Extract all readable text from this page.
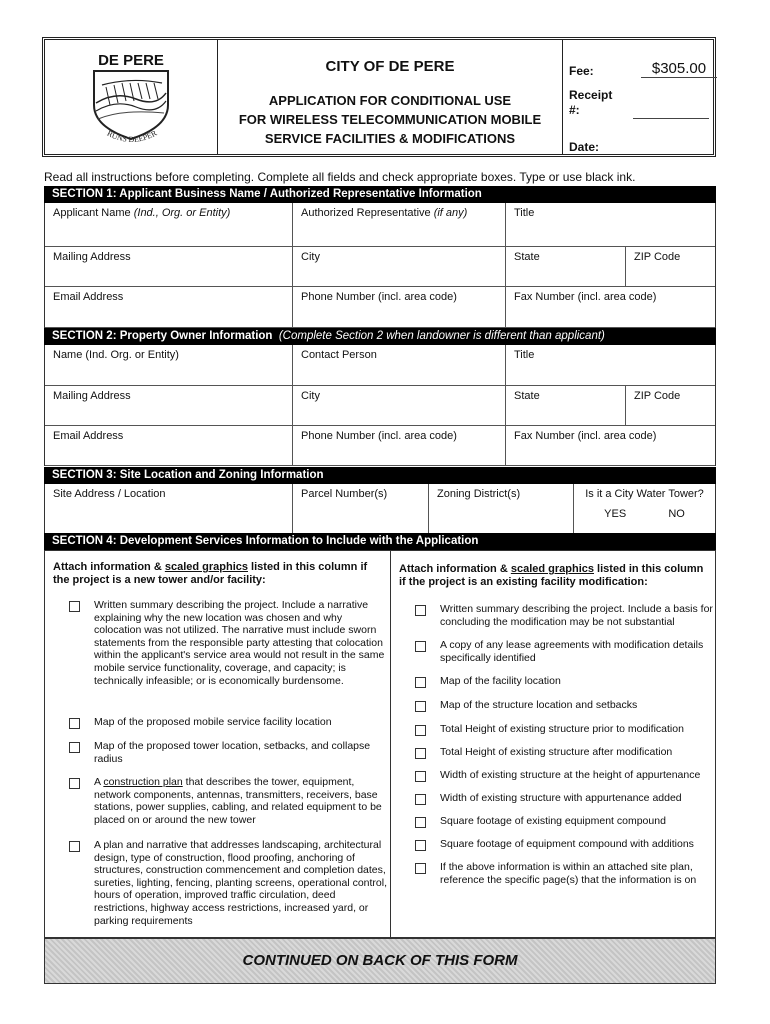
DE PERE
RUNS DEEPER
CITY OF DE PERE
APPLICATION FOR CONDITIONAL USE
FOR WIRELESS TELECOMMUNICATION MOBILE
SERVICE FACILITIES & MODIFICATIONS
Fee:	$305.00
Receipt
#:
Date:
Read all instructions before completing. Complete all fields and check appropriate boxes. Type or use black ink.
SECTION 1: Applicant Business Name / Authorized Representative Information
Applicant Name (Ind., Org. or Entity)	Authorized Representative (if any)	Title
Mailing Address	City	State	ZIP Code
Email Address	Phone Number (incl. area code)	Fax Number (incl. area code)
SECTION 2: Property Owner Information (Complete Section 2 when landowner is different than applicant)
Name (Ind. Org. or Entity)	Contact Person	Title
Mailing Address	City	State	ZIP Code
Email Address	Phone Number (incl. area code)	Fax Number (incl. area code)
SECTION 3: Site Location and Zoning Information
Site Address / Location	Parcel Number(s)	Zoning District(s)	Is it a City Water Tower?
YES	NO
SECTION 4: Development Services Information to Include with the Application
Attach information & scaled graphics listed in this column if the project is a new tower and/or facility:
Written summary describing the project. Include a narrative explaining why the new location was chosen and why colocation was not utilized. The narrative must include sworn statements from the responsible party attesting that colocation within the applicant's service area would not result in the same mobile service functionality, coverage, and capacity; is technically infeasible; or is economically burdensome.
Map of the proposed mobile service facility location
Map of the proposed tower location, setbacks, and collapse radius
A construction plan that describes the tower, equipment, network components, antennas, transmitters, receivers, base stations, power supplies, cabling, and related equipment to be placed on or around the new tower
A plan and narrative that addresses landscaping, architectural design, type of construction, flood proofing, anchoring of structures, construction commencement and completion dates, sureties, lighting, fencing, planting screens, operational control, hours of operation, improved traffic circulation, deed restrictions, highway access restrictions, increased yard, or parking requirements
Attach information & scaled graphics listed in this column if the project is an existing facility modification:
Written summary describing the project. Include a basis for concluding the modification may be not substantial
A copy of any lease agreements with modification details specifically identified
Map of the facility location
Map of the structure location and setbacks
Total Height of existing structure prior to modification
Total Height of existing structure after modification
Width of existing structure at the height of appurtenance
Width of existing structure with appurtenance added
Square footage of existing equipment compound
Square footage of equipment compound with additions
If the above information is within an attached site plan, reference the specific page(s) that the information is on
CONTINUED ON BACK OF THIS FORM
